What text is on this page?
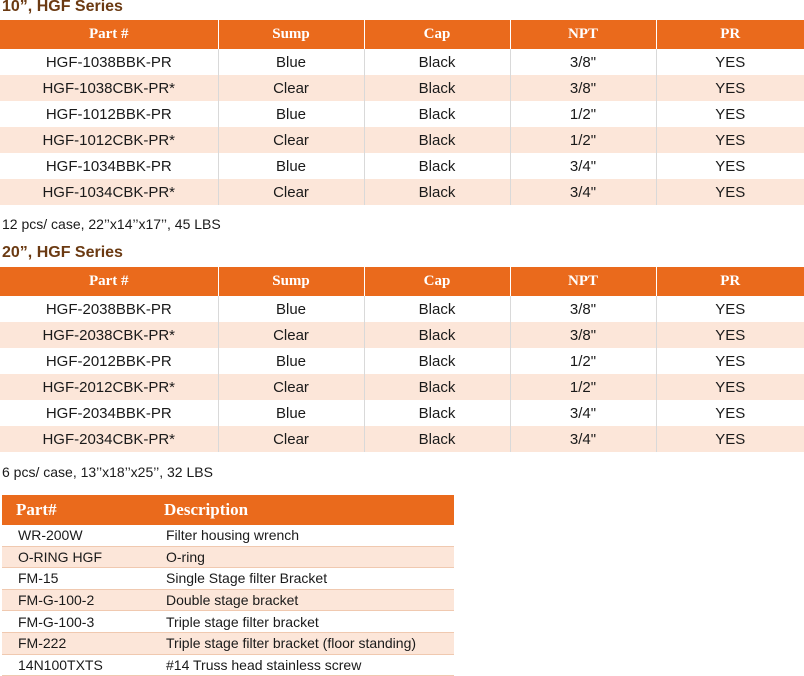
10”, HGF Series
Part #	Sump	Cap	NPT	PR
HGF-1038BBK-PR	Blue	Black	3/8"	YES
HGF-1038CBK-PR*	Clear	Black	3/8"	YES
HGF-1012BBK-PR	Blue	Black	1/2"	YES
HGF-1012CBK-PR*	Clear	Black	1/2"	YES
HGF-1034BBK-PR	Blue	Black	3/4"	YES
HGF-1034CBK-PR*	Clear	Black	3/4"	YES
12 pcs/ case, 22’’x14’’x17’’, 45 LBS
20”, HGF Series
Part #	Sump	Cap	NPT	PR
HGF-2038BBK-PR	Blue	Black	3/8"	YES
HGF-2038CBK-PR*	Clear	Black	3/8"	YES
HGF-2012BBK-PR	Blue	Black	1/2"	YES
HGF-2012CBK-PR*	Clear	Black	1/2"	YES
HGF-2034BBK-PR	Blue	Black	3/4"	YES
HGF-2034CBK-PR*	Clear	Black	3/4"	YES
6 pcs/ case, 13’’x18’’x25’’, 32 LBS
Part#	Description
WR-200W	Filter housing wrench
O-RING HGF	O-ring
FM-15	Single Stage filter Bracket
FM-G-100-2	Double stage bracket
FM-G-100-3	Triple stage filter bracket
FM-222	Triple stage filter bracket (floor standing)
14N100TXTS	#14 Truss head stainless screw
